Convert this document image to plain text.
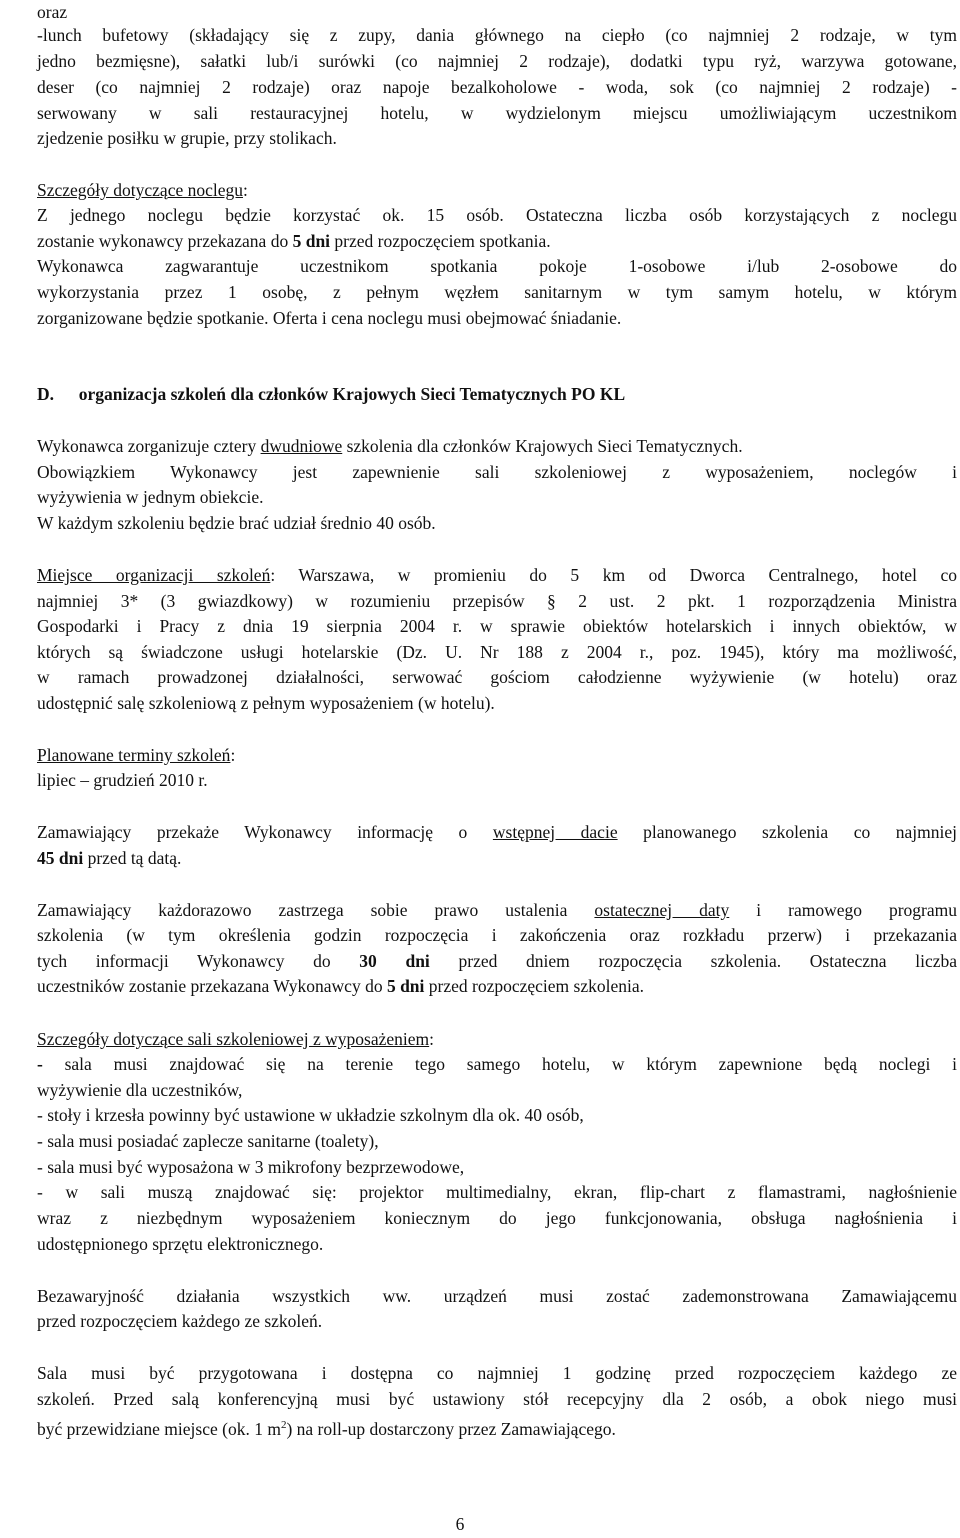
oraz
-lunch bufetowy (składający się z zupy, dania głównego na ciepło (co najmniej 2 rodzaje, w tym
jedno bezmięsne), sałatki lub/i surówki (co najmniej 2 rodzaje), dodatki typu ryż, warzywa gotowane,
deser (co najmniej 2 rodzaje) oraz napoje bezalkoholowe - woda, sok (co najmniej 2 rodzaje) -
serwowany w sali restauracyjnej hotelu, w wydzielonym miejscu umożliwiającym uczestnikom
zjedzenie posiłku w grupie, przy stolikach.
Szczegóły dotyczące noclegu:
Z jednego noclegu będzie korzystać ok. 15 osób. Ostateczna liczba osób korzystających z noclegu
zostanie wykonawcy przekazana do 5 dni przed rozpoczęciem spotkania.
Wykonawca zagwarantuje uczestnikom spotkania pokoje 1-osobowe i/lub 2-osobowe do
wykorzystania przez 1 osobę, z pełnym węzłem sanitarnym w tym samym hotelu, w którym
zorganizowane będzie spotkanie. Oferta i cena noclegu musi obejmować śniadanie.
Wykonawca zorganizuje cztery dwudniowe szkolenia dla członków Krajowych Sieci Tematycznych.
Obowiązkiem Wykonawcy jest zapewnienie sali szkoleniowej z wyposażeniem, noclegów i
wyżywienia w jednym obiekcie.
W każdym szkoleniu będzie brać udział średnio 40 osób.
Miejsce organizacji szkoleń: Warszawa, w promieniu do 5 km od Dworca Centralnego, hotel co
najmniej 3* (3 gwiazdkowy) w rozumieniu przepisów § 2 ust. 2 pkt. 1 rozporządzenia Ministra
Gospodarki i Pracy z dnia 19 sierpnia 2004 r. w sprawie obiektów hotelarskich i innych obiektów, w
których są świadczone usługi hotelarskie (Dz. U. Nr 188 z 2004 r., poz. 1945), który ma możliwość,
w ramach prowadzonej działalności, serwować gościom całodzienne wyżywienie (w hotelu) oraz
udostępnić salę szkoleniową z pełnym wyposażeniem (w hotelu).
Planowane terminy szkoleń:
lipiec – grudzień 2010 r.
Zamawiający przekaże Wykonawcy informację o wstępnej dacie planowanego szkolenia co najmniej
45 dni przed tą datą.
Zamawiający każdorazowo zastrzega sobie prawo ustalenia ostatecznej daty i ramowego programu
szkolenia (w tym określenia godzin rozpoczęcia i zakończenia oraz rozkładu przerw) i przekazania
tych informacji Wykonawcy do 30 dni przed dniem rozpoczęcia szkolenia. Ostateczna liczba
uczestników zostanie przekazana Wykonawcy do 5 dni przed rozpoczęciem szkolenia.
Szczegóły dotyczące sali szkoleniowej z wyposażeniem:
- sala musi znajdować się na terenie tego samego hotelu, w którym zapewnione będą noclegi i
wyżywienie dla uczestników,
- stoły i krzesła powinny być ustawione w układzie szkolnym dla ok. 40 osób,
- sala musi posiadać zaplecze sanitarne (toalety),
- sala musi być wyposażona w 3 mikrofony bezprzewodowe,
- w sali muszą znajdować się: projektor multimedialny, ekran, flip-chart z flamastrami, nagłośnienie
wraz z niezbędnym wyposażeniem koniecznym do jego funkcjonowania, obsługa nagłośnienia i
udostępnionego sprzętu elektronicznego.
Bezawaryjność działania wszystkich ww. urządzeń musi zostać zademonstrowana Zamawiającemu
przed rozpoczęciem każdego ze szkoleń.
Sala musi być przygotowana i dostępna co najmniej 1 godzinę przed rozpoczęciem każdego ze
szkoleń. Przed salą konferencyjną musi być ustawiony stół recepcyjny dla 2 osób, a obok niego musi
być przewidziane miejsce (ok. 1 $m^2$) na roll-up dostarczony przez Zamawiającego.
D. organizacja szkoleń dla członków Krajowych Sieci Tematycznych PO KL
6
